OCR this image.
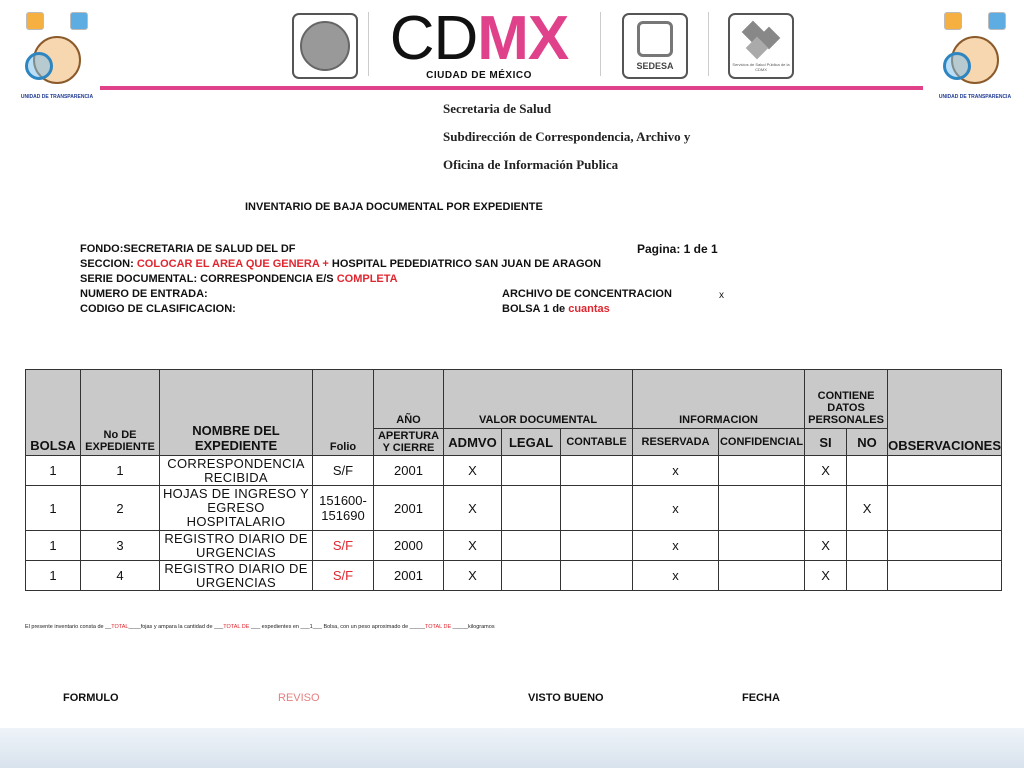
UNIDAD DE TRANSPARENCIA	UNIDAD DE TRANSPARENCIA
CDMX
CIUDAD DE MÉXICO
SEDESA	Servicios de Salud Pública de la CDMX
Secretaria de Salud
Subdirección de Correspondencia, Archivo y
Oficina de Información Publica
INVENTARIO DE BAJA DOCUMENTAL POR EXPEDIENTE
FONDO:SECRETARIA DE SALUD DEL DF	Pagina: 1 de 1
SECCION: COLOCAR EL AREA QUE GENERA + HOSPITAL PEDEDIATRICO SAN JUAN DE ARAGON
SERIE DOCUMENTAL: CORRESPONDENCIA E/S COMPLETA
NUMERO DE ENTRADA:	ARCHIVO DE CONCENTRACION	x
CODIGO DE CLASIFICACION:	BOLSA 1 de cuantas
BOLSA	No DE EXPEDIENTE	NOMBRE DEL EXPEDIENTE	Folio	AÑO	VALOR DOCUMENTAL			INFORMACION		CONTIENE DATOS PERSONALES		OBSERVACIONES
				APERTURA Y CIERRE	ADMVO	LEGAL	CONTABLE	RESERVADA	CONFIDENCIAL	SI	NO	
1	1	CORRESPONDENCIA RECIBIDA	S/F	2001	X			x		X		
1	2	HOJAS DE INGRESO Y EGRESO HOSPITALARIO	151600-151690	2001	X			x			X	
1	3	REGISTRO DIARIO DE URGENCIAS	S/F	2000	X			x		X		
1	4	REGISTRO DIARIO DE URGENCIAS	S/F	2001	X			x		X		
El presente inventario consta de __TOTAL____fojas y ampara la cantidad de ___TOTAL DE ___ expedientes en ___1___ Bolsa, con un peso aproximado de _____TOTAL DE _____kilogramos
FORMULO	REVISO	VISTO BUENO	FECHA
